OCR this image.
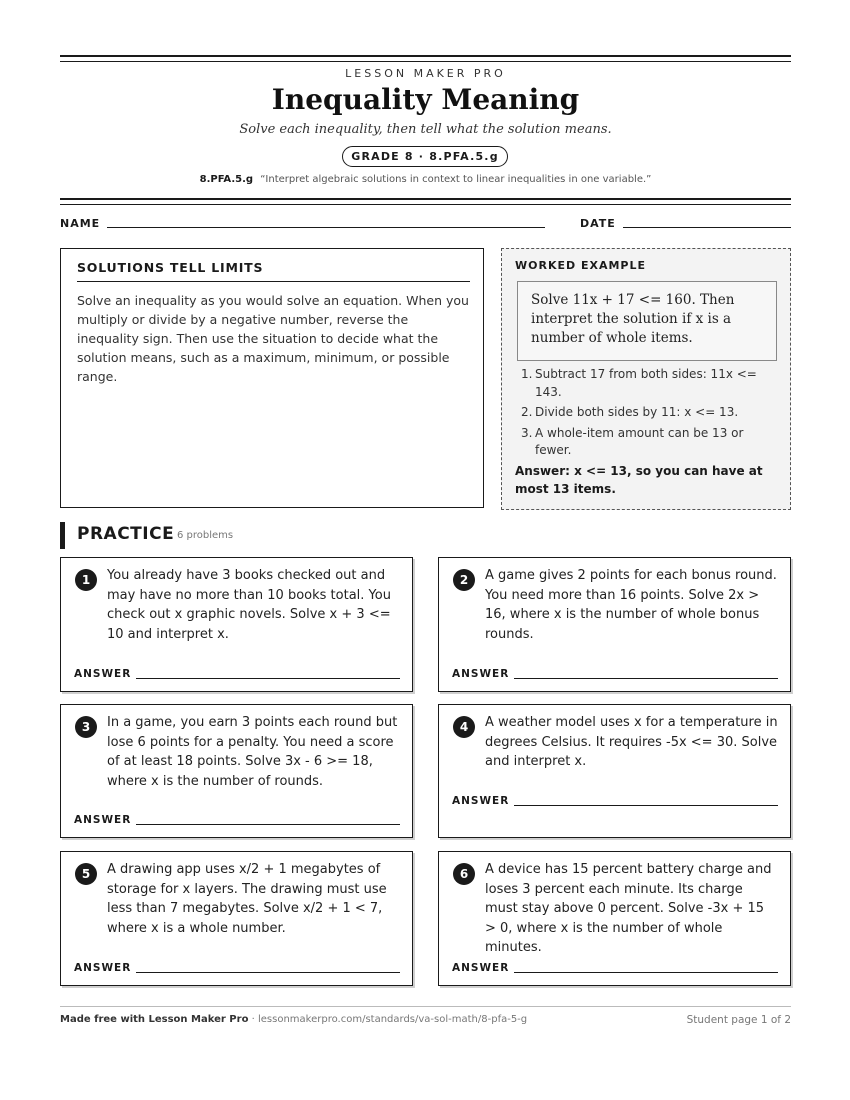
LESSON MAKER PRO
Inequality Meaning
Solve each inequality, then tell what the solution means.
GRADE 8 · 8.PFA.5.g
8.PFA.5.g “Interpret algebraic solutions in context to linear inequalities in one variable.”
NAME	DATE
SOLUTIONS TELL LIMITS
Solve an inequality as you would solve an equation. When you multiply or divide by a negative number, reverse the inequality sign. Then use the situation to decide what the solution means, such as a maximum, minimum, or possible range.
WORKED EXAMPLE
Solve 11x + 17 <= 160. Then interpret the solution if x is a number of whole items.
1. Subtract 17 from both sides: 11x <= 143.
2. Divide both sides by 11: x <= 13.
3. A whole-item amount can be 13 or fewer.
Answer: x <= 13, so you can have at most 13 items.
PRACTICE 6 problems
1	You already have 3 books checked out and may have no more than 10 books total. You check out x graphic novels. Solve x + 3 <= 10 and interpret x.
ANSWER
2	A game gives 2 points for each bonus round. You need more than 16 points. Solve 2x > 16, where x is the number of whole bonus rounds.
ANSWER
3	In a game, you earn 3 points each round but lose 6 points for a penalty. You need a score of at least 18 points. Solve 3x - 6 >= 18, where x is the number of rounds.
ANSWER
4	A weather model uses x for a temperature in degrees Celsius. It requires -5x <= 30. Solve and interpret x.
ANSWER
5	A drawing app uses x/2 + 1 megabytes of storage for x layers. The drawing must use less than 7 megabytes. Solve x/2 + 1 < 7, where x is a whole number.
ANSWER
6	A device has 15 percent battery charge and loses 3 percent each minute. Its charge must stay above 0 percent. Solve -3x + 15 > 0, where x is the number of whole minutes.
ANSWER
Made free with Lesson Maker Pro · lessonmakerpro.com/standards/va-sol-math/8-pfa-5-g	Student page 1 of 2
